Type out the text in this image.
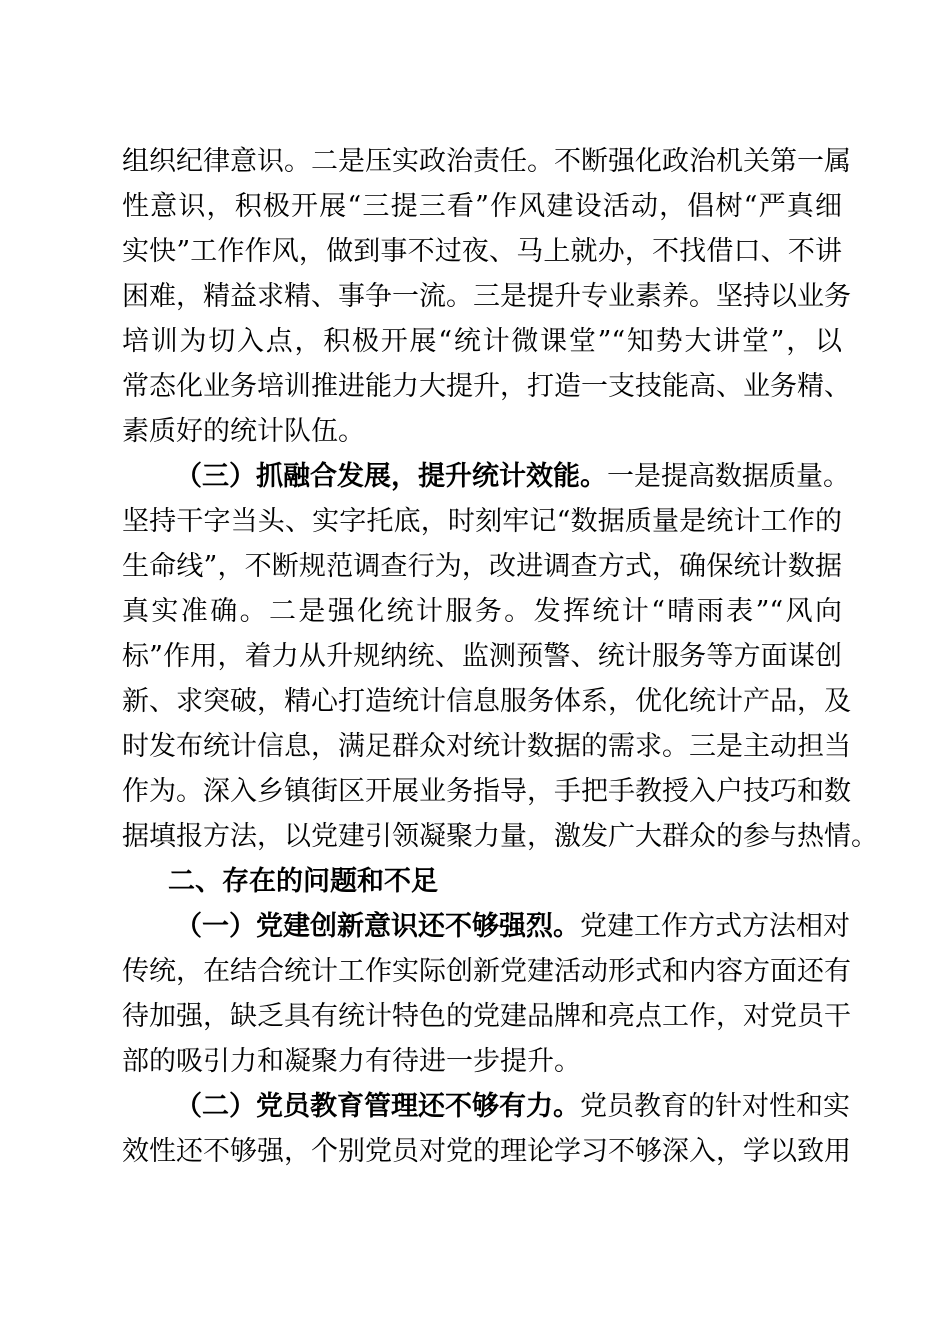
组织纪律意识。二是压实政治责任。不断强化政治机关第一属
性意识，积极开展“三提三看”作风建设活动，倡树“严真细
实快”工作作风，做到事不过夜、马上就办，不找借口、不讲
困难，精益求精、事争一流。三是提升专业素养。坚持以业务
培训为切入点，积极开展“统计微课堂”“知势大讲堂”，以
常态化业务培训推进能力大提升，打造一支技能高、业务精、
素质好的统计队伍。
（三）抓融合发展，提升统计效能。一是提高数据质量。
坚持干字当头、实字托底，时刻牢记“数据质量是统计工作的
生命线”，不断规范调查行为，改进调查方式，确保统计数据
真实准确。二是强化统计服务。发挥统计“晴雨表”“风向
标”作用，着力从升规纳统、监测预警、统计服务等方面谋创
新、求突破，精心打造统计信息服务体系，优化统计产品，及
时发布统计信息，满足群众对统计数据的需求。三是主动担当
作为。深入乡镇街区开展业务指导，手把手教授入户技巧和数
据填报方法，以党建引领凝聚力量，激发广大群众的参与热情。
二、存在的问题和不足
（一）党建创新意识还不够强烈。党建工作方式方法相对
传统，在结合统计工作实际创新党建活动形式和内容方面还有
待加强，缺乏具有统计特色的党建品牌和亮点工作，对党员干
部的吸引力和凝聚力有待进一步提升。
（二）党员教育管理还不够有力。党员教育的针对性和实
效性还不够强，个别党员对党的理论学习不够深入，学以致用
